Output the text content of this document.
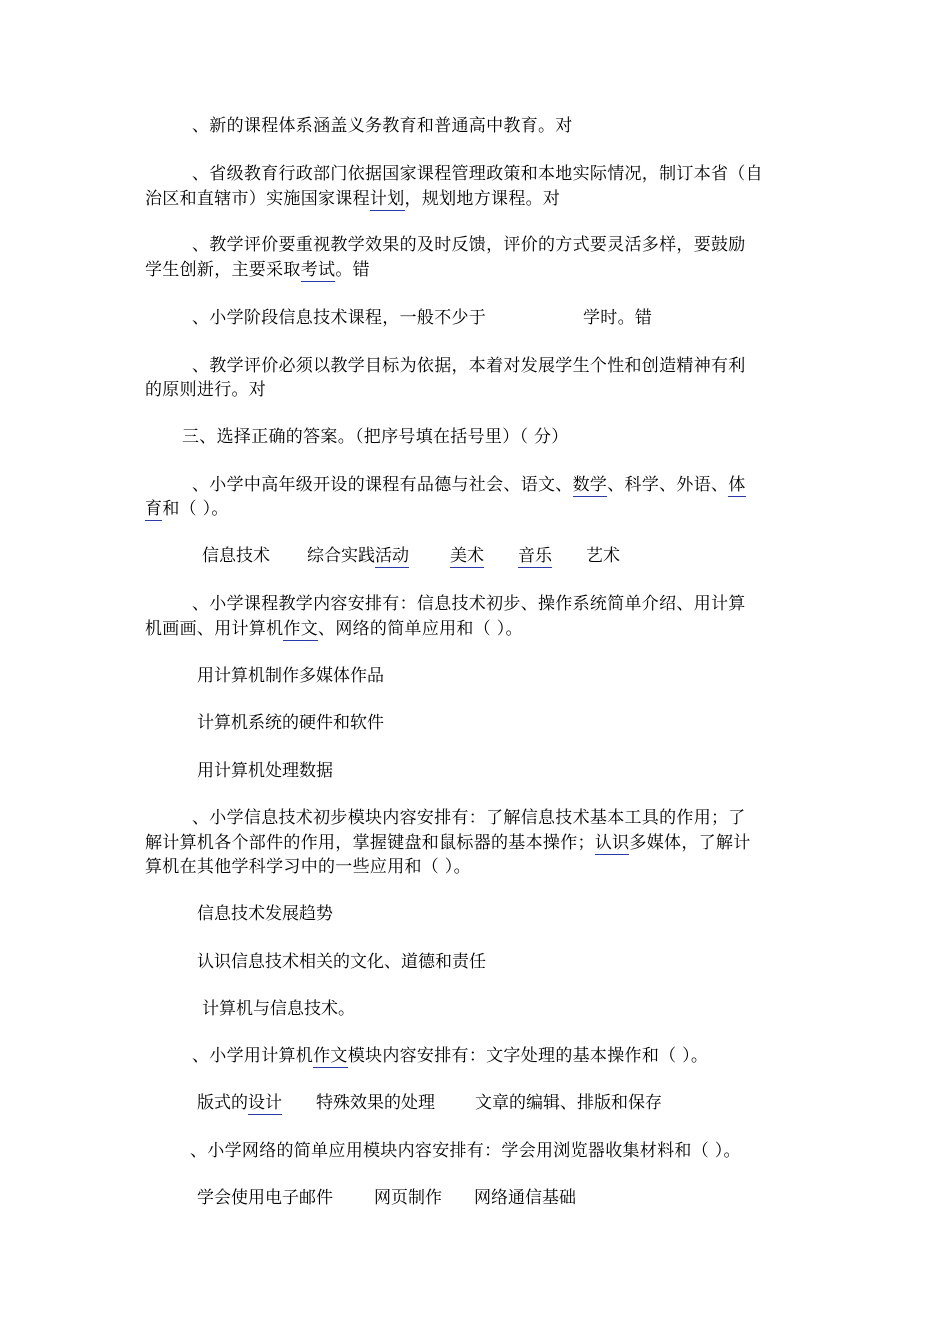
、新的课程体系涵盖义务教育和普通高中教育。对
、省级教育行政部门依据国家课程管理政策和本地实际情况，制订本省（自
治区和直辖市）实施国家课程计划，规划地方课程。对
、教学评价要重视教学效果的及时反馈，评价的方式要灵活多样，要鼓励
学生创新，主要采取考试。错
、小学阶段信息技术课程，一般不少于	学时。错
、教学评价必须以教学目标为依据，本着对发展学生个性和创造精神有利
的原则进行。对
三、选择正确的答案。（把序号填在括号里）（ 分）
、小学中高年级开设的课程有品德与社会、语文、数学、科学、外语、体
育和（ ）。
信息技术 综合实践活动 美术 音乐 艺术
、小学课程教学内容安排有：信息技术初步、操作系统简单介绍、用计算
机画画、用计算机作文、网络的简单应用和（ ）。
用计算机制作多媒体作品
计算机系统的硬件和软件
用计算机处理数据
、小学信息技术初步模块内容安排有：了解信息技术基本工具的作用；了
解计算机各个部件的作用，掌握键盘和鼠标器的基本操作；认识多媒体，了解计
算机在其他学科学习中的一些应用和（ ）。
信息技术发展趋势
认识信息技术相关的文化、道德和责任
计算机与信息技术。
、小学用计算机作文模块内容安排有：文字处理的基本操作和（ ）。
版式的设计 特殊效果的处理 文章的编辑、排版和保存
、小学网络的简单应用模块内容安排有：学会用浏览器收集材料和（ ）。
学会使用电子邮件 网页制作 网络通信基础
